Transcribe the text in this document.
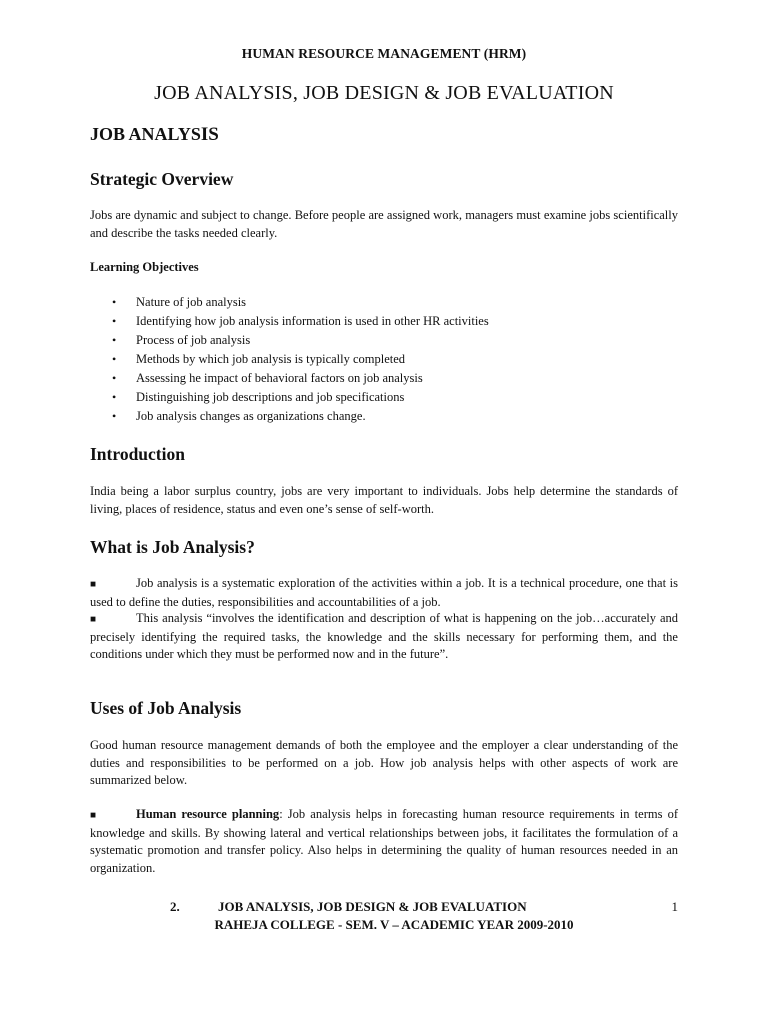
HUMAN RESOURCE MANAGEMENT (HRM)
JOB ANALYSIS, JOB DESIGN & JOB EVALUATION
JOB ANALYSIS
Strategic Overview

Jobs are dynamic and subject to change. Before people are assigned work, managers must examine jobs scientifically and describe the tasks needed clearly.

Learning Objectives
• Nature of job analysis
• Identifying how job analysis information is used in other HR activities
• Process of job analysis
• Methods by which job analysis is typically completed
• Assessing he impact of behavioral factors on job analysis
• Distinguishing job descriptions and job specifications
• Job analysis changes as organizations change.
Introduction

India being a labor surplus country, jobs are very important to individuals. Jobs help determine the standards of living, places of residence, status and even one’s sense of self-worth.

What is Job Analysis?

■	Job analysis is a systematic exploration of the activities within a job. It is a technical procedure, one that is used to define the duties, responsibilities and accountabilities of a job.

■	This analysis “involves the identification and description of what is happening on the job…accurately and precisely identifying the required tasks, the knowledge and the skills necessary for performing them, and the conditions under which they must be performed now and in the future”.

Uses of Job Analysis

Good human resource management demands of both the employee and the employer a clear understanding of the duties and responsibilities to be performed on a job. How job analysis helps with other aspects of work are summarized below.

■	Human resource planning: Job analysis helps in forecasting human resource requirements in terms of knowledge and skills. By showing lateral and vertical relationships between jobs, it facilitates the formulation of a systematic promotion and transfer policy. Also helps in determining the quality of human resources needed in an organization.

2.	JOB ANALYSIS, JOB DESIGN & JOB EVALUATION	1
RAHEJA COLLEGE - SEM. V – ACADEMIC YEAR 2009-2010
